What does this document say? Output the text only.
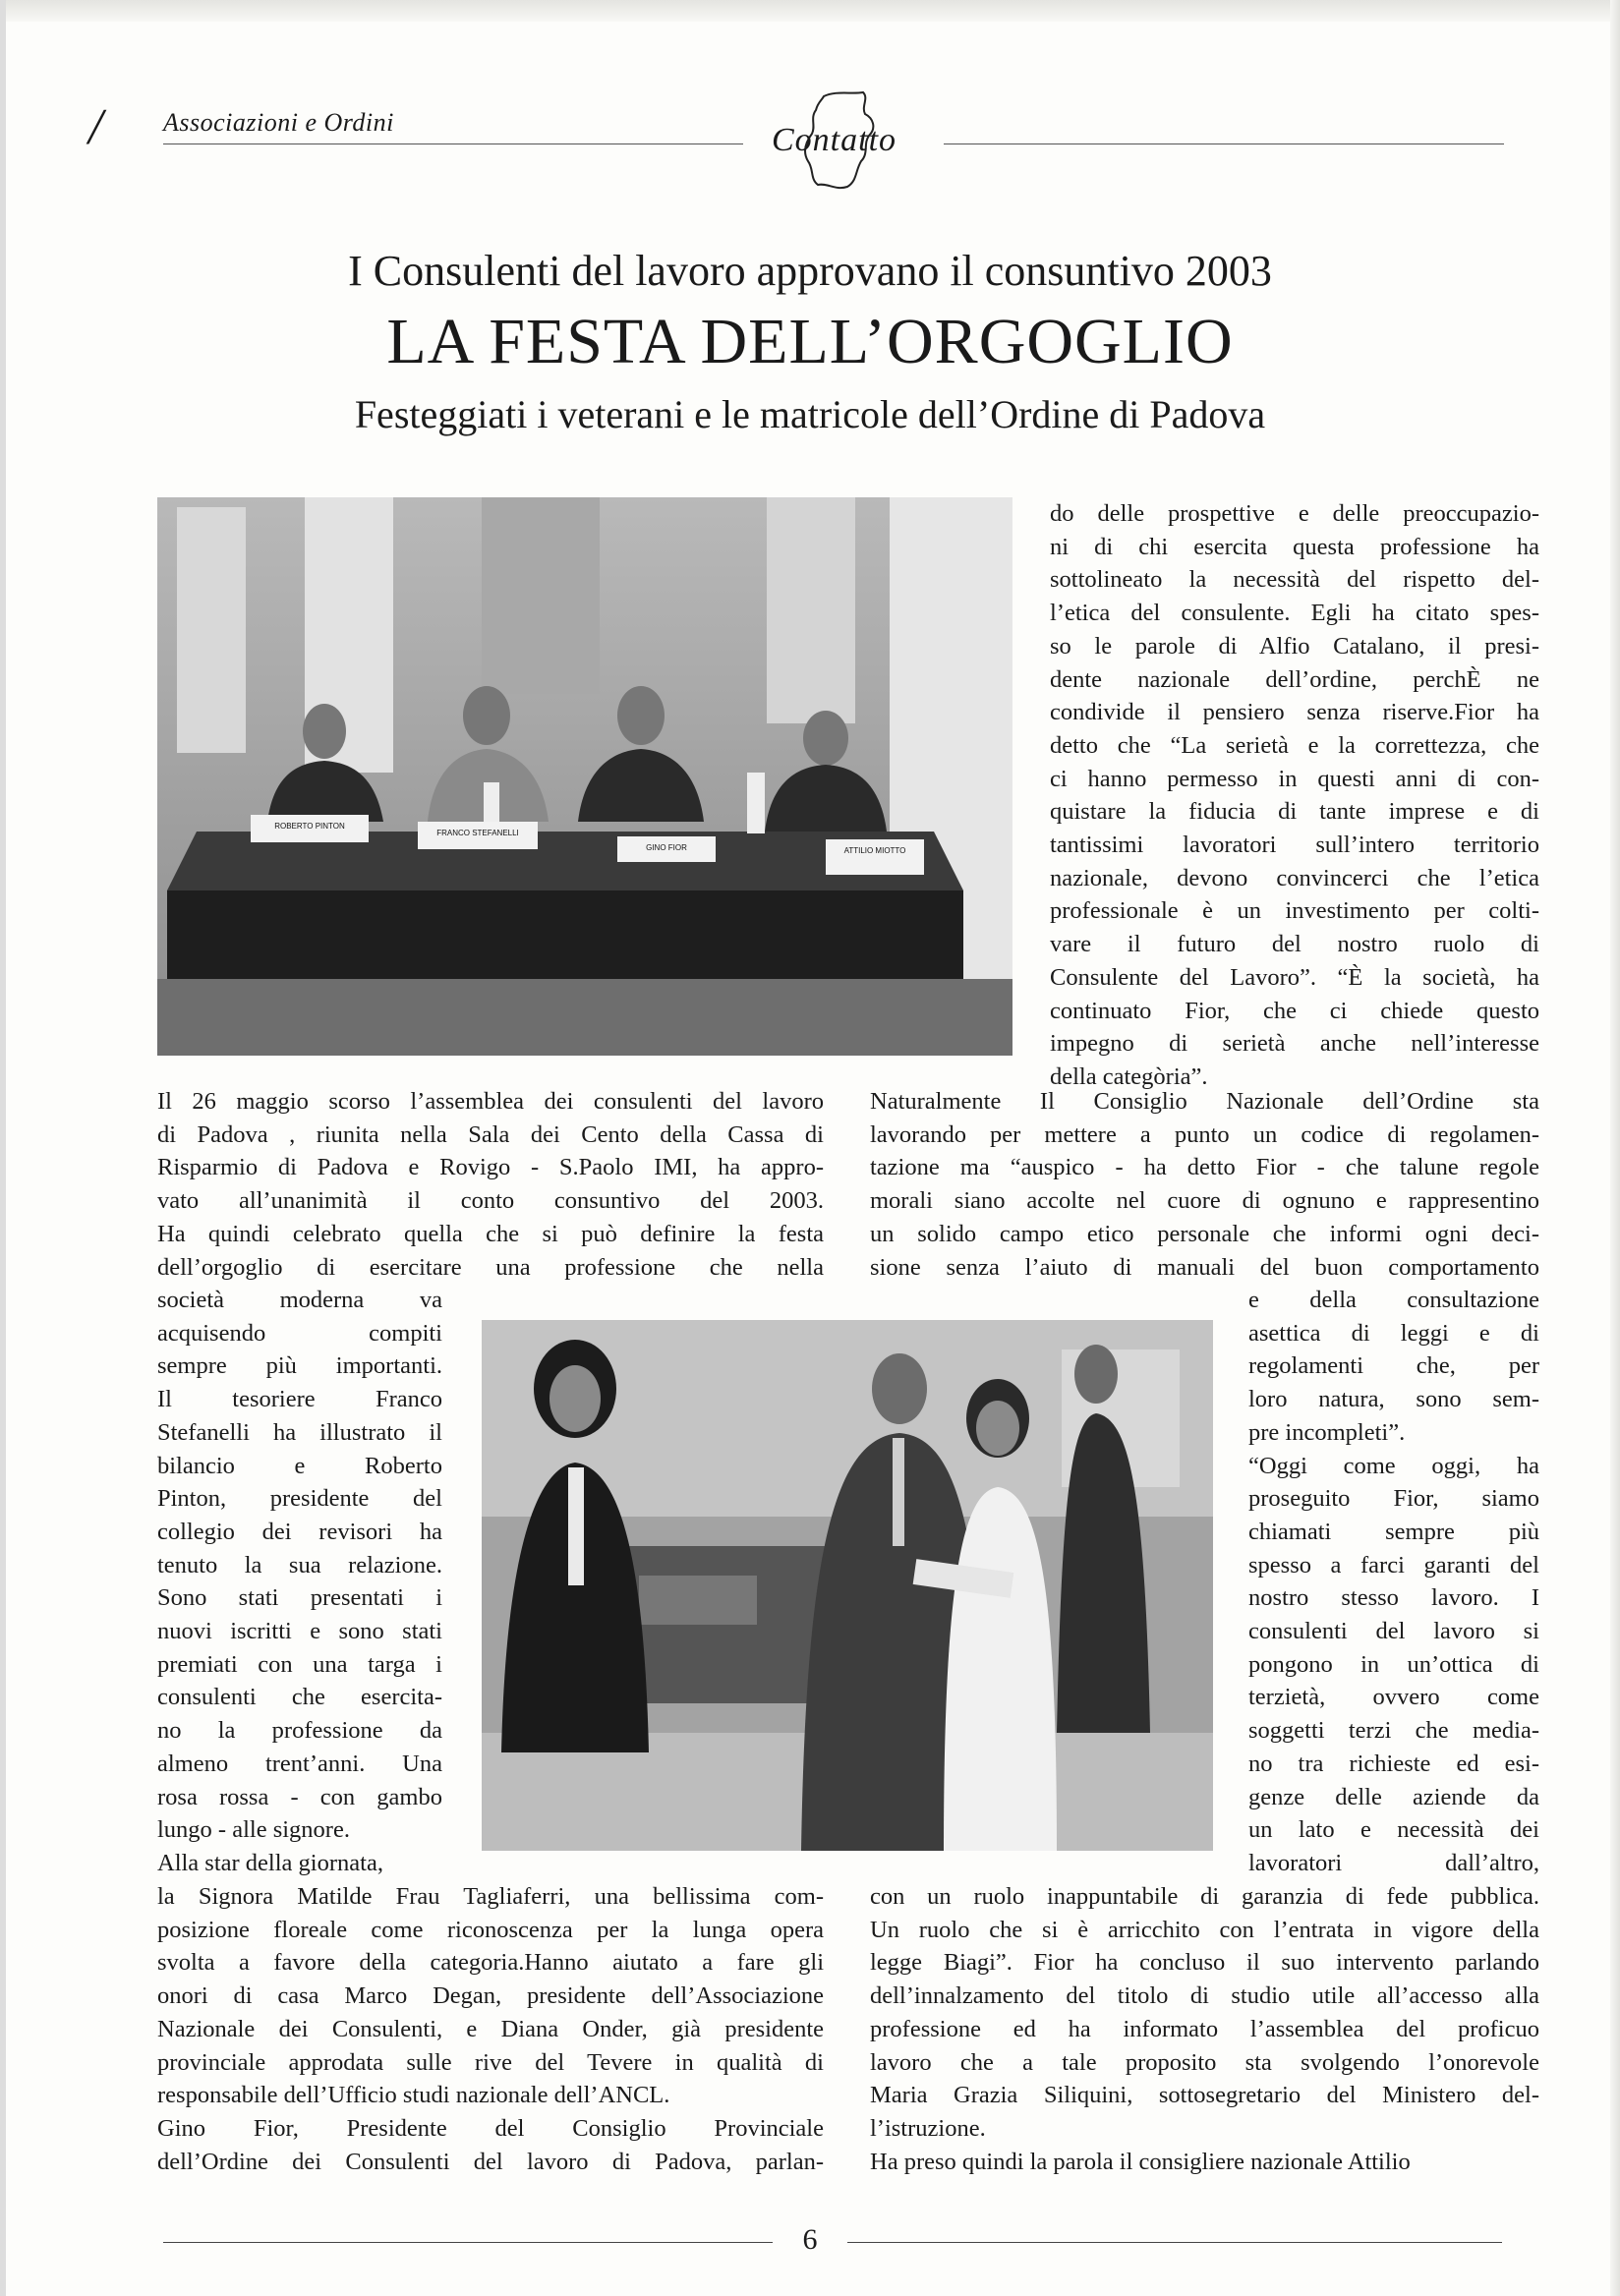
/ Associazioni e Ordini	Contatto
I Consulenti del lavoro approvano il consuntivo 2003
LA FESTA DELL’ORGOGLIO
Festeggiati i veterani e le matricole dell’Ordine di Padova
ROBERTO PINTON
FRANCO STEFANELLI
GINO FIOR	ATTILIO MIOTTO
Il 26 maggio scorso l’assemblea dei consulenti del lavoro
di Padova , riunita nella Sala dei Cento della Cassa di
Risparmio di Padova e Rovigo - S.Paolo IMI, ha appro-
vato all’unanimità il conto consuntivo del 2003.
Ha quindi celebrato quella che si può definire la festa
dell’orgoglio di esercitare una professione che nella
società moderna va
acquisendo compiti
sempre più importanti.
Il tesoriere Franco
Stefanelli ha illustrato il
bilancio e Roberto
Pinton, presidente del
collegio dei revisori ha
tenuto la sua relazione.
Sono stati presentati i
nuovi iscritti e sono stati
premiati con una targa i
consulenti che esercita-
no la professione da
almeno trent’anni. Una
rosa rossa - con gambo
lungo - alle signore.
Alla star della giornata,
la Signora Matilde Frau Tagliaferri, una bellissima com-
posizione floreale come riconoscenza per la lunga opera
svolta a favore della categoria.Hanno aiutato a fare gli
onori di casa Marco Degan, presidente dell’Associazione
Nazionale dei Consulenti, e Diana Onder, già presidente
provinciale approdata sulle rive del Tevere in qualità di
responsabile dell’Ufficio studi nazionale dell’ANCL.
Gino Fior, Presidente del Consiglio Provinciale
dell’Ordine dei Consulenti del lavoro di Padova, parlan-
do delle prospettive e delle preoccupazio-
ni di chi esercita questa professione ha
sottolineato la necessità del rispetto del-
l’etica del consulente. Egli ha citato spes-
so le parole di Alfio Catalano, il presi-
dente nazionale dell’ordine, perchÈ ne
condivide il pensiero senza riserve.Fior ha
detto che “La serietà e la correttezza, che
ci hanno permesso in questi anni di con-
quistare la fiducia di tante imprese e di
tantissimi lavoratori sull’intero territorio
nazionale, devono convincerci che l’etica
professionale è un investimento per colti-
vare il futuro del nostro ruolo di
Consulente del Lavoro”. “È la società, ha
continuato Fior, che ci chiede questo
impegno di serietà anche nell’interesse
della categòria”.
Naturalmente Il Consiglio Nazionale dell’Ordine sta
lavorando per mettere a punto un codice di regolamen-
tazione ma “auspico - ha detto Fior - che talune regole
morali siano accolte nel cuore di ognuno e rappresentino
un solido campo etico personale che informi ogni deci-
sione senza l’aiuto di manuali del buon comportamento
e della consultazione
asettica di leggi e di
regolamenti che, per
loro natura, sono sem-
pre incompleti”.
“Oggi come oggi, ha
proseguito Fior, siamo
chiamati sempre più
spesso a farci garanti del
nostro stesso lavoro. I
consulenti del lavoro si
pongono in un’ottica di
terzietà, ovvero come
soggetti terzi che media-
no tra richieste ed esi-
genze delle aziende da
un lato e necessità dei
lavoratori dall’altro,
con un ruolo inappuntabile di garanzia di fede pubblica.
Un ruolo che si è arricchito con l’entrata in vigore della
legge Biagi”. Fior ha concluso il suo intervento parlando
dell’innalzamento del titolo di studio utile all’accesso alla
professione ed ha informato l’assemblea del proficuo
lavoro che a tale proposito sta svolgendo l’onorevole
Maria Grazia Siliquini, sottosegretario del Ministero del-
l’istruzione.
Ha preso quindi la parola il consigliere nazionale Attilio
6
